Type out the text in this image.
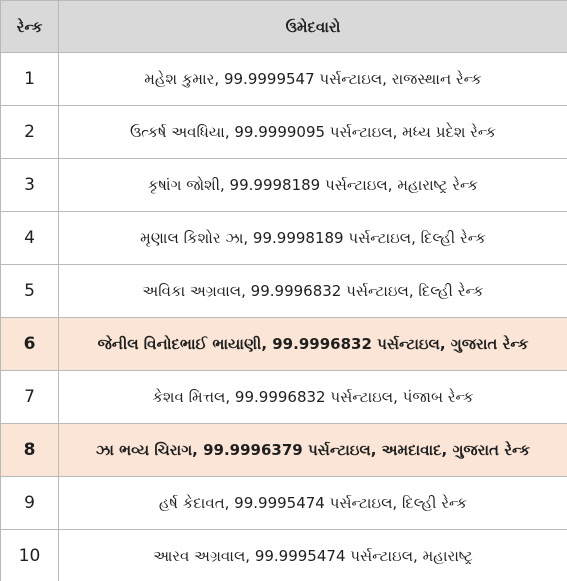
રેન્ક	ઉમેદવારો
1	મહેશ કુમાર, 99.9999547 પર્સન્ટાઇલ, રાજસ્થાન રેન્ક
2	ઉત્કર્ષ અવધિયા, 99.9999095 પર્સન્ટાઇલ, મધ્ય પ્રદેશ રેન્ક
3	કૃષાંગ જોશી, 99.9998189 પર્સન્ટાઇલ, મહારાષ્ટ્ર રેન્ક
4	મૃણાલ કિશોર ઝા, 99.9998189 પર્સન્ટાઇલ, દિલ્હી રેન્ક
5	અવિકા અગ્રવાલ, 99.9996832 પર્સન્ટાઇલ, દિલ્હી રેન્ક
6	જેનીલ વિનોદભાઈ ભાયાણી, 99.9996832 પર્સન્ટાઇલ, ગુજરાત રેન્ક
7	કેશવ મિત્તલ, 99.9996832 પર્સન્ટાઇલ, પંજાબ રેન્ક
8	ઝા ભવ્ય ચિરાગ, 99.9996379 પર્સન્ટાઇલ, અમદાવાદ, ગુજરાત રેન્ક
9	હર્ષ કેદાવત, 99.9995474 પર્સન્ટાઇલ, દિલ્હી રેન્ક
10	આરવ અગ્રવાલ, 99.9995474 પર્સન્ટાઇલ, મહારાષ્ટ્ર
